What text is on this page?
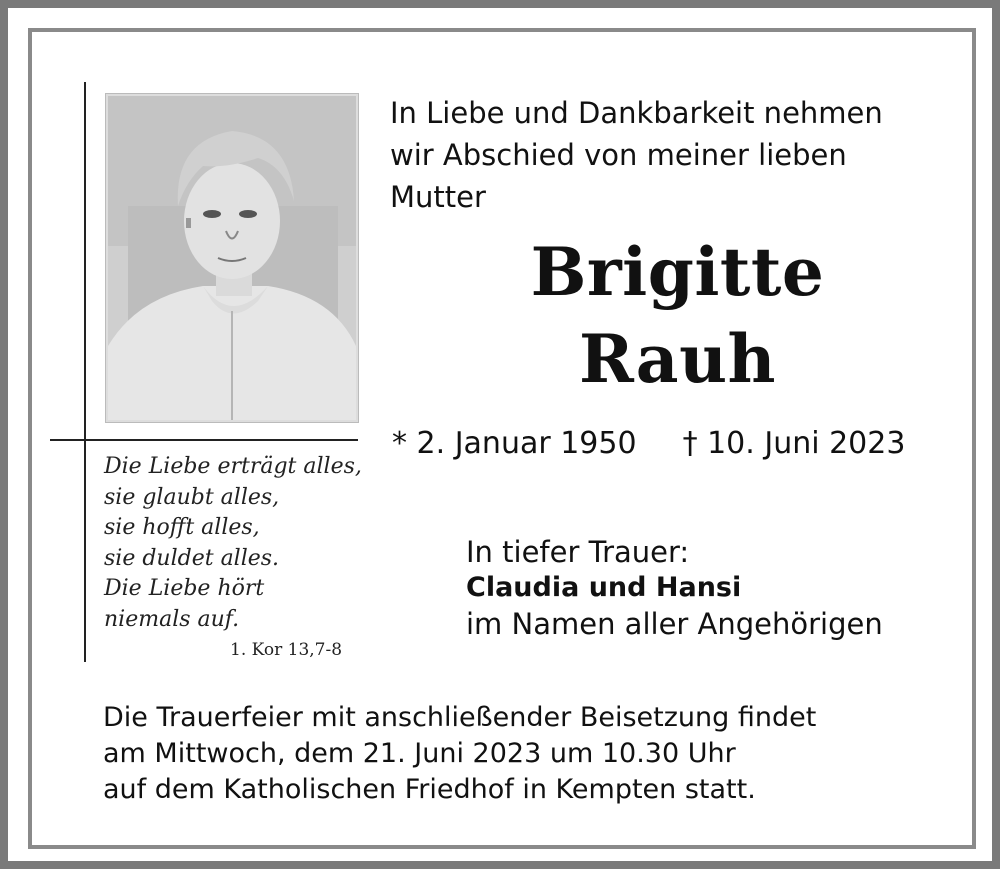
Die Liebe erträgt alles,
sie glaubt alles,
sie hofft alles,
sie duldet alles.
Die Liebe hört
niemals auf.
1. Kor 13,7-8
In Liebe und Dankbarkeit nehmen
wir Abschied von meiner lieben
Mutter
Brigitte
Rauh
* 2. Januar 1950 † 10. Juni 2023
In tiefer Trauer:
Claudia und Hansi
im Namen aller Angehörigen
Die Trauerfeier mit anschließender Beisetzung findet
am Mittwoch, dem 21. Juni 2023 um 10.30 Uhr
auf dem Katholischen Friedhof in Kempten statt.
